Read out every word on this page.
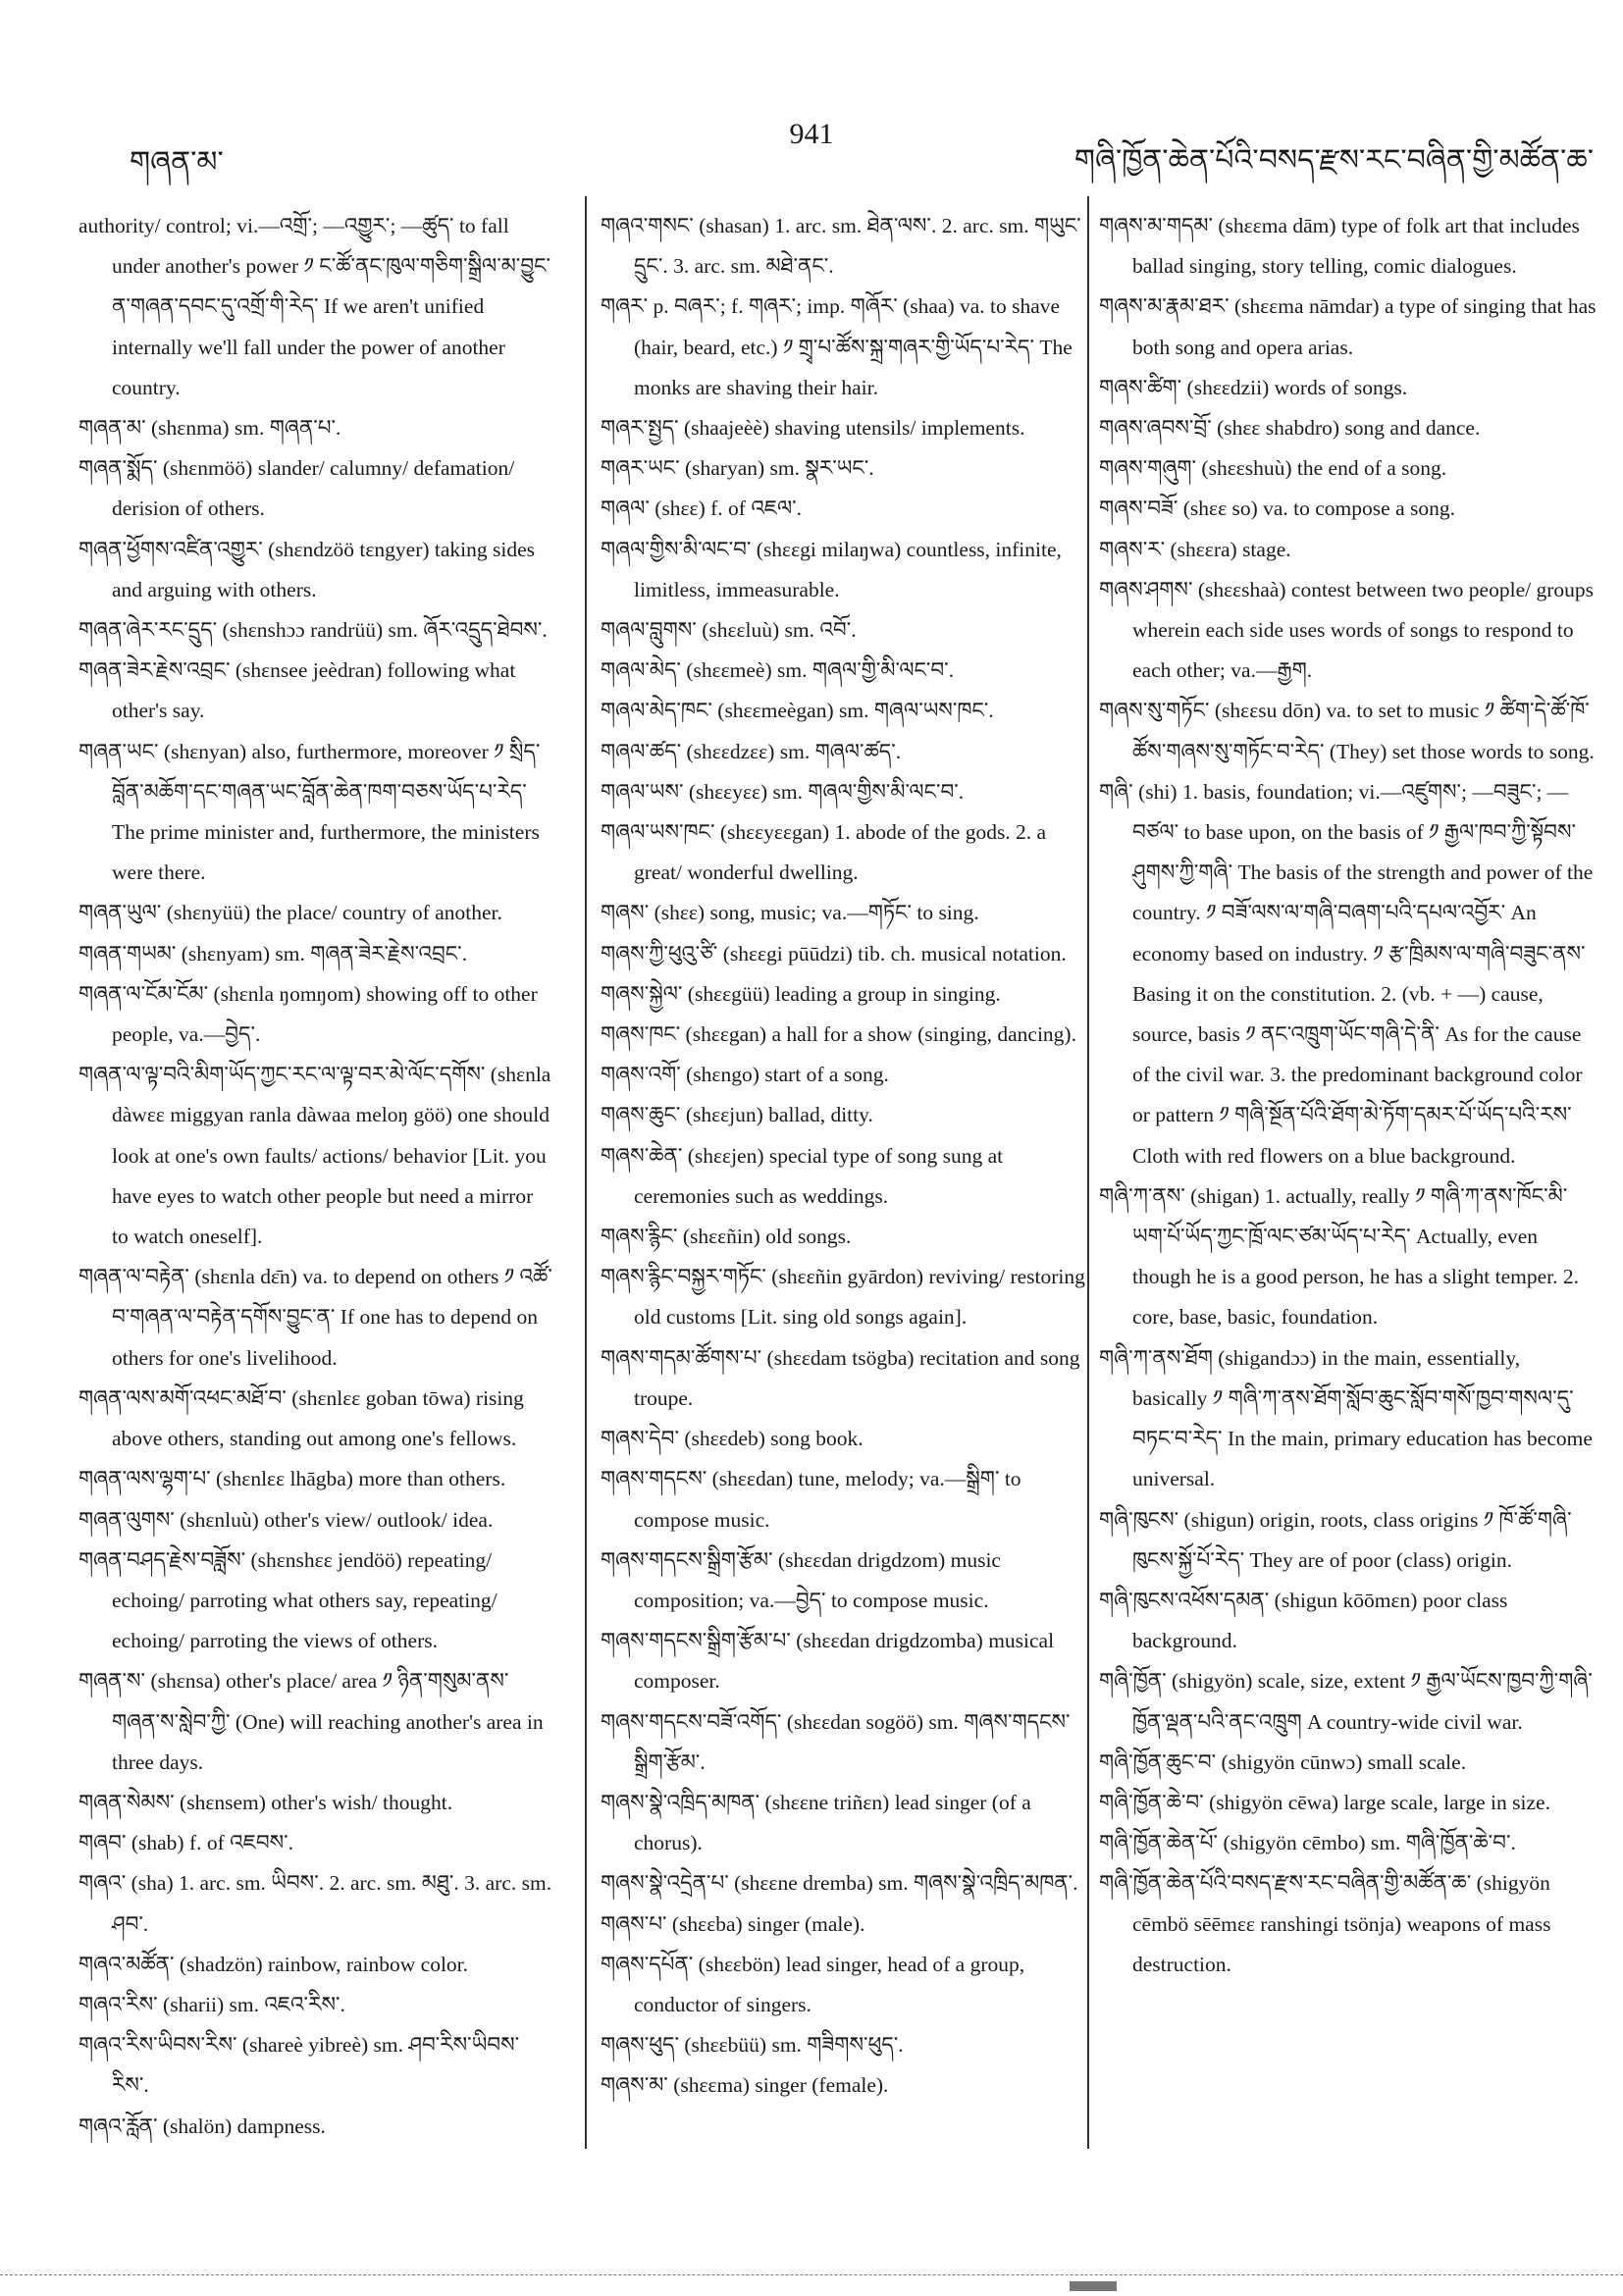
གཞན་མ་
941
གཞི་ཁྱོན་ཆེན་པོའི་བསད་རྫས་རང་བཞིན་གྱི་མཚོན་ཆ་
authority/ control; vi.—འགྲོ་; —འགྱུར་; —ཚུད་ to fall under another's power ༡ ང་ཚོ་ནང་ཁུལ་གཅིག་སྒྲིལ་མ་བྱུང་ན་གཞན་དབང་དུ་འགྲོ་གི་རེད་ If we aren't unified internally we'll fall under the power of another country.
གཞན་མ་ (shɛnma) sm. གཞན་པ་.
གཞན་སྨོད་ (shɛnmöö) slander/ calumny/ defamation/ derision of others.
གཞན་ཕྱོགས་འཛིན་འགྱུར་ (shɛndzöö tɛngyer) taking sides and arguing with others.
གཞན་ཞེར་རང་དྲུད་ (shɛnshɔɔ randrüü) sm. ཞོར་འདྲུད་ཐེབས་.
གཞན་ཟེར་རྗེས་འབྲང་ (shɛnsee jeèdran) following what other's say.
གཞན་ཡང་ (shɛnyan) also, furthermore, moreover ༡ སྲིད་བློན་མཆོག་དང་གཞན་ཡང་བློན་ཆེན་ཁག་བཅས་ཡོད་པ་རེད་ The prime minister and, furthermore, the ministers were there.
གཞན་ཡུལ་ (shɛnyüü) the place/ country of another.
གཞན་གཡམ་ (shɛnyam) sm. གཞན་ཟེར་རྗེས་འབྲང་.
གཞན་ལ་ངོམ་ངོམ་ (shɛnla ŋomŋom) showing off to other people, va.—བྱེད་.
གཞན་ལ་ལྟ་བའི་མིག་ཡོད་ཀྱང་རང་ལ་ལྟ་བར་མེ་ལོང་དགོས་ (shɛnla dàwɛɛ miggyan ranla dàwaa meloŋ göö) one should look at one's own faults/ actions/ behavior [Lit. you have eyes to watch other people but need a mirror to watch oneself].
གཞན་ལ་བརྟེན་ (shɛnla dɛ̄n) va. to depend on others ༡ འཚོ་བ་གཞན་ལ་བརྟེན་དགོས་བྱུང་ན་ If one has to depend on others for one's livelihood.
གཞན་ལས་མགོ་འཕང་མཐོ་བ་ (shɛnlɛɛ goban tōwa) rising above others, standing out among one's fellows.
གཞན་ལས་ལྷག་པ་ (shɛnlɛɛ lhāgba) more than others.
གཞན་ལུགས་ (shɛnluù) other's view/ outlook/ idea.
གཞན་བཤད་རྗེས་བཟློས་ (shɛnshɛɛ jendöö) repeating/ echoing/ parroting what others say, repeating/ echoing/ parroting the views of others.
གཞན་ས་ (shɛnsa) other's place/ area ༡ ཉིན་གསུམ་ནས་གཞན་ས་སླེབ་ཀྱི་ (One) will reaching another's area in three days.
གཞན་སེམས་ (shɛnsem) other's wish/ thought.
གཞབ་ (shab) f. of འཇབས་.
གཞའ་ (sha) 1. arc. sm. ཡིབས་. 2. arc. sm. མཐུ་. 3. arc. sm. ཤབ་.
གཞའ་མཚོན་ (shadzön) rainbow, rainbow color.
གཞའ་རིས་ (sharii) sm. འཇའ་རིས་.
གཞའ་རིས་ཡིབས་རིས་ (shareè yibreè) sm. ཤབ་རིས་ཡིབས་རིས་.
གཞའ་རློན་ (shalön) dampness.
གཞའ་གསང་ (shasan) 1. arc. sm. ཐེན་ལས་. 2. arc. sm. གཡུང་དྲུང་. 3. arc. sm. མཐེ་ནང་.
གཞར་ p. བཞར་; f. གཞར་; imp. གཞོར་ (shaa) va. to shave (hair, beard, etc.) ༡ གྲྭ་པ་ཚོས་སྐྲ་གཞར་གྱི་ཡོད་པ་རེད་ The monks are shaving their hair.
གཞར་སྤྱད་ (shaajeèè) shaving utensils/ implements.
གཞར་ཡང་ (sharyan) sm. སྣར་ཡང་.
གཞལ་ (shɛɛ) f. of འཇལ་.
གཞལ་གྱིས་མི་ལང་བ་ (shɛɛgi milaŋwa) countless, infinite, limitless, immeasurable.
གཞལ་བླུགས་ (shɛɛluù) sm. འབོ་.
གཞལ་མེད་ (shɛɛmeè) sm. གཞལ་གྱི་མི་ལང་བ་.
གཞལ་མེད་ཁང་ (shɛɛmeègan) sm. གཞལ་ཡས་ཁང་.
གཞལ་ཚད་ (shɛɛdzɛɛ) sm. གཞལ་ཚད་.
གཞལ་ཡས་ (shɛɛyɛɛ) sm. གཞལ་གྱིས་མི་ལང་བ་.
གཞལ་ཡས་ཁང་ (shɛɛyɛɛgan) 1. abode of the gods. 2. a great/ wonderful dwelling.
གཞས་ (shɛɛ) song, music; va.—གཏོང་ to sing.
གཞས་ཀྱི་ཕུའུ་ཙི་ (shɛɛgi pūūdzi) tib. ch. musical notation.
གཞས་སྐྱེལ་ (shɛɛgüü) leading a group in singing.
གཞས་ཁང་ (shɛɛgan) a hall for a show (singing, dancing).
གཞས་འགོ་ (shɛngo) start of a song.
གཞས་ཆུང་ (shɛɛjun) ballad, ditty.
གཞས་ཆེན་ (shɛɛjen) special type of song sung at ceremonies such as weddings.
གཞས་རྙིང་ (shɛɛñin) old songs.
གཞས་རྙིང་བསྐྱར་གཏོང་ (shɛɛñin gyārdon) reviving/ restoring old customs [Lit. sing old songs again].
གཞས་གདམ་ཚོགས་པ་ (shɛɛdam tsögba) recitation and song troupe.
གཞས་དེབ་ (shɛɛdeb) song book.
གཞས་གདངས་ (shɛɛdan) tune, melody; va.—སྒྲིག་ to compose music.
གཞས་གདངས་སྒྲིག་རྩོམ་ (shɛɛdan drigdzom) music composition; va.—བྱེད་ to compose music.
གཞས་གདངས་སྒྲིག་རྩོམ་པ་ (shɛɛdan drigdzomba) musical composer.
གཞས་གདངས་བཟོ་འགོད་ (shɛɛdan sogöö) sm. གཞས་གདངས་སྒྲིག་རྩོམ་.
གཞས་སྣེ་འཁྲིད་མཁན་ (shɛɛne triñɛn) lead singer (of a chorus).
གཞས་སྣེ་འདྲེན་པ་ (shɛɛne dremba) sm. གཞས་སྣེ་འཁྲིད་མཁན་.
གཞས་པ་ (shɛɛba) singer (male).
གཞས་དཔོན་ (shɛɛbön) lead singer, head of a group, conductor of singers.
གཞས་ཕུད་ (shɛɛbüü) sm. གཟིགས་ཕུད་.
གཞས་མ་ (shɛɛma) singer (female).
གཞས་མ་གདམ་ (shɛɛma dām) type of folk art that includes ballad singing, story telling, comic dialogues.
གཞས་མ་རྣམ་ཐར་ (shɛɛma nāmdar) a type of singing that has both song and opera arias.
གཞས་ཚིག་ (shɛɛdzii) words of songs.
གཞས་ཞབས་བྲོ་ (shɛɛ shabdro) song and dance.
གཞས་གཞུག་ (shɛɛshuù) the end of a song.
གཞས་བཟོ་ (shɛɛ so) va. to compose a song.
གཞས་ར་ (shɛɛra) stage.
གཞས་ཤགས་ (shɛɛshaà) contest between two people/ groups wherein each side uses words of songs to respond to each other; va.—རྒྱག.
གཞས་སུ་གཏོང་ (shɛɛsu dōn) va. to set to music ༡ ཚིག་དེ་ཚོ་ཁོ་ཚོས་གཞས་སུ་གཏོང་བ་རེད་ (They) set those words to song.
གཞི་ (shi) 1. basis, foundation; vi.—འཛུགས་; —བཟུང་; —བཙལ་ to base upon, on the basis of ༡ རྒྱལ་ཁབ་ཀྱི་སྟོབས་ཤུགས་ཀྱི་གཞི་ The basis of the strength and power of the country. ༡ བཟོ་ལས་ལ་གཞི་བཞག་པའི་དཔལ་འབྱོར་ An economy based on industry. ༡ རྩ་ཁྲིམས་ལ་གཞི་བཟུང་ནས་ Basing it on the constitution. 2. (vb. + —) cause, source, basis ༡ ནང་འཁྲུག་ཡོང་གཞི་དེ་ནི་ As for the cause of the civil war. 3. the predominant background color or pattern ༡ གཞི་སྔོན་པོའི་ཐོག་མེ་ཏོག་དམར་པོ་ཡོད་པའི་རས་ Cloth with red flowers on a blue background.
གཞི་ཀ་ནས་ (shigan) 1. actually, really ༡ གཞི་ཀ་ནས་ཁོང་མི་ཡག་པོ་ཡོད་ཀྱང་ཁྲོ་ལང་ཙམ་ཡོད་པ་རེད་ Actually, even though he is a good person, he has a slight temper. 2. core, base, basic, foundation.
གཞི་ཀ་ནས་ཐོག (shigandɔɔ) in the main, essentially, basically ༡ གཞི་ཀ་ནས་ཐོག་སློབ་ཆུང་སློབ་གསོ་ཁྱབ་གསལ་དུ་བཏང་བ་རེད་ In the main, primary education has become universal.
གཞི་ཁུངས་ (shigun) origin, roots, class origins ༡ ཁོ་ཚོ་གཞི་ཁུངས་སྐྱོ་པོ་རེད་ They are of poor (class) origin.
གཞི་ཁུངས་འཕོས་དམན་ (shigun kōōmɛn) poor class background.
གཞི་ཁྱོན་ (shigyön) scale, size, extent ༡ རྒྱལ་ཡོངས་ཁྱབ་ཀྱི་གཞི་ཁྱོན་ལྡན་པའི་ནང་འཁྲུག A country-wide civil war.
གཞི་ཁྱོན་ཆུང་བ་ (shigyön cūnwɔ) small scale.
གཞི་ཁྱོན་ཆེ་བ་ (shigyön cēwa) large scale, large in size.
གཞི་ཁྱོན་ཆེན་པོ་ (shigyön cēmbo) sm. གཞི་ཁྱོན་ཆེ་བ་.
གཞི་ཁྱོན་ཆེན་པོའི་བསད་རྫས་རང་བཞིན་གྱི་མཚོན་ཆ་ (shigyön cēmbö sēēmɛɛ ranshingi tsönja) weapons of mass destruction.
